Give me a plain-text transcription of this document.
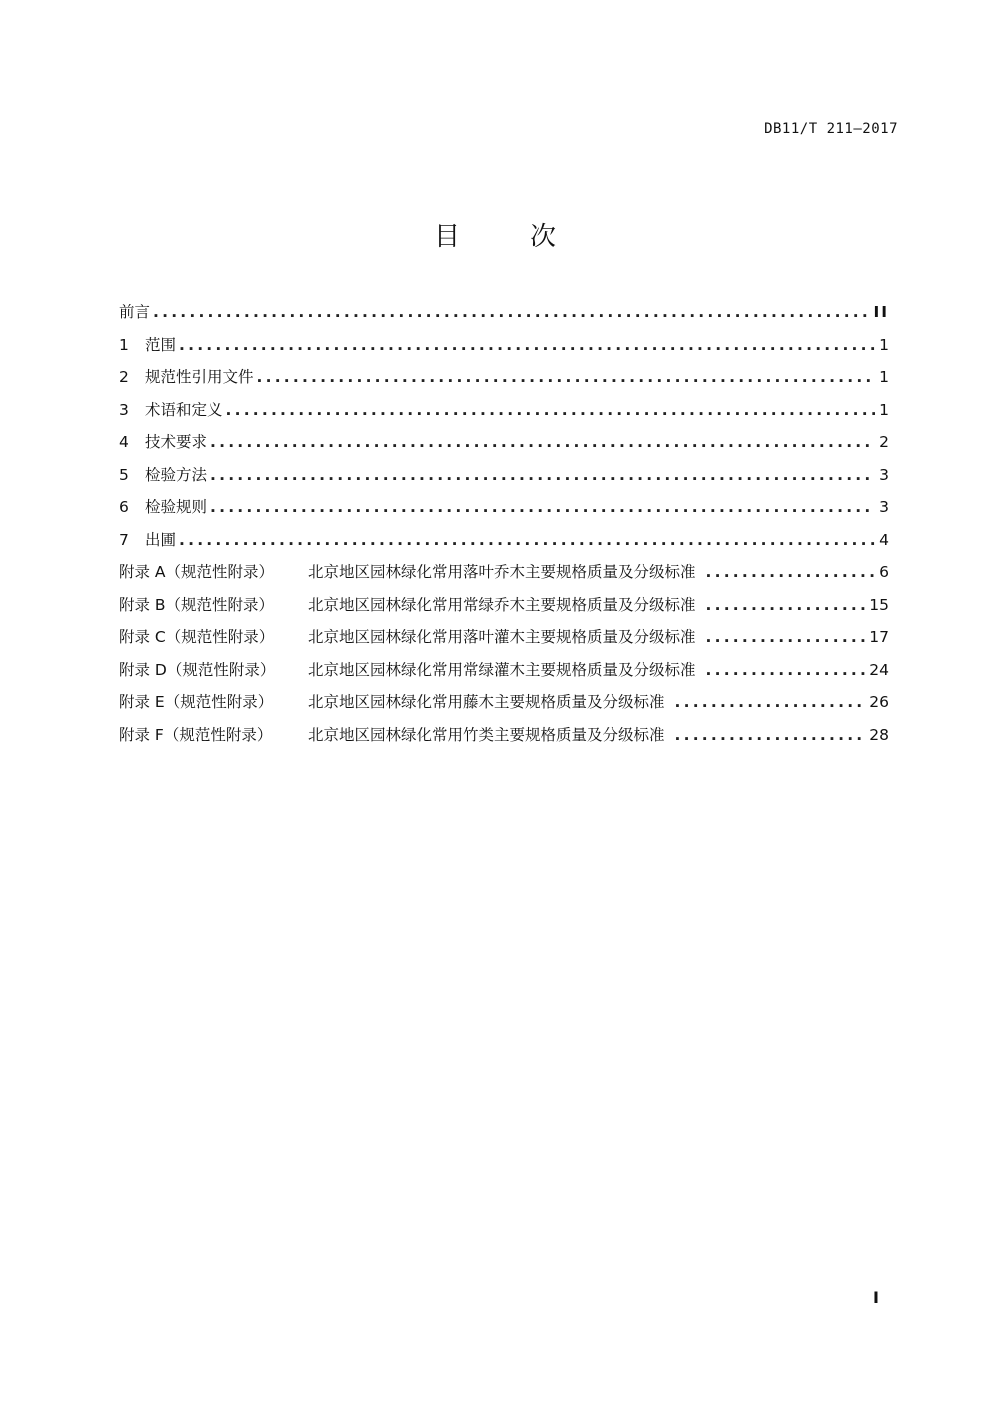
DB11/T 211—2017
目　次
前言 .....	II
1	范围 .....	1
2	规范性引用文件 .....	1
3	术语和定义 .....	1
4	技术要求 .....	2
5	检验方法 .....	3
6	检验规则 .....	3
7	出圃 .....	4
附录 A（规范性附录）	北京地区园林绿化常用落叶乔木主要规格质量及分级标准 .....	6
附录 B（规范性附录）	北京地区园林绿化常用常绿乔木主要规格质量及分级标准 .....	15
附录 C（规范性附录）	北京地区园林绿化常用落叶灌木主要规格质量及分级标准 .....	17
附录 D（规范性附录）	北京地区园林绿化常用常绿灌木主要规格质量及分级标准 .....	24
附录 E（规范性附录）	北京地区园林绿化常用藤木主要规格质量及分级标准 .....	26
附录 F（规范性附录）	北京地区园林绿化常用竹类主要规格质量及分级标准 .....	28
I
